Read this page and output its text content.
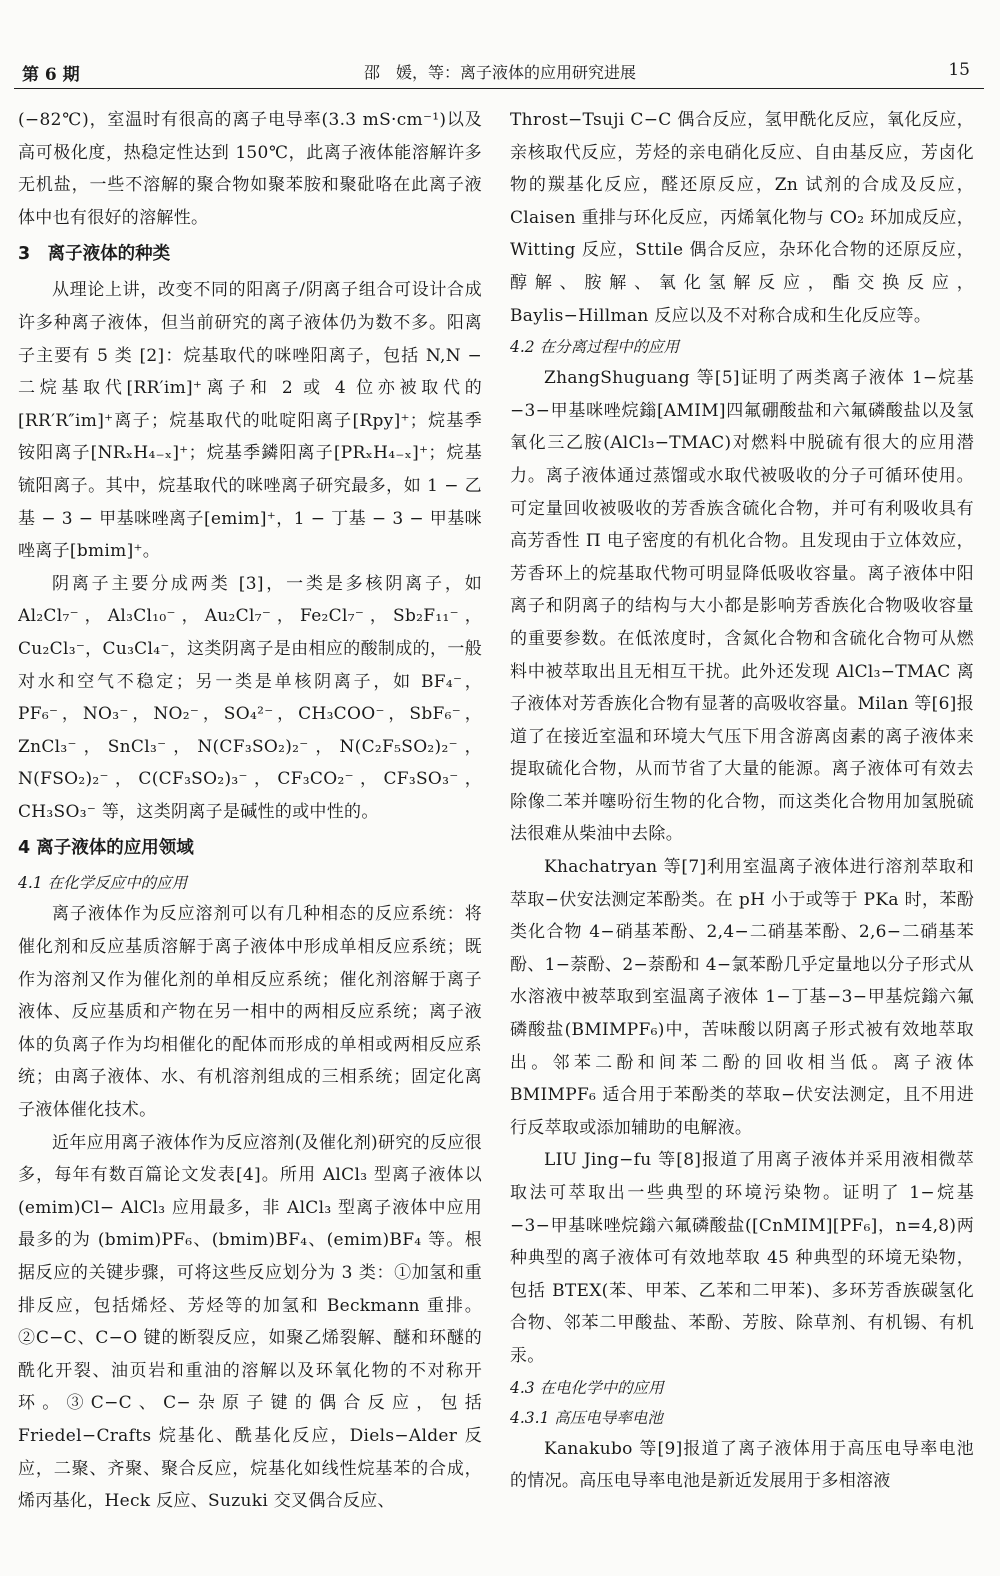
第 6 期	邵　媛，等：离子液体的应用研究进展	15

(−82℃)，室温时有很高的离子电导率(3.3 mS·cm⁻¹)以及高可极化度，热稳定性达到 150℃，此离子液体能溶解许多无机盐，一些不溶解的聚合物如聚苯胺和聚砒咯在此离子液体中也有很好的溶解性。

3　离子液体的种类

从理论上讲，改变不同的阳离子/阴离子组合可设计合成许多种离子液体，但当前研究的离子液体仍为数不多。阳离子主要有 5 类 [2]：烷基取代的咪唑阳离子，包括 N,N − 二烷基取代[RR′im]⁺离子和 2 或 4 位亦被取代的[RR′R″im]⁺离子；烷基取代的吡啶阳离子[Rpy]⁺；烷基季铵阳离子[NRₓH₄₋ₓ]⁺；烷基季鏻阳离子[PRₓH₄₋ₓ]⁺；烷基锍阳离子。其中，烷基取代的咪唑离子研究最多，如 1 − 乙基 − 3 − 甲基咪唑离子[emim]⁺，1 − 丁基 − 3 − 甲基咪唑离子[bmim]⁺。

阴离子主要分成两类 [3]，一类是多核阴离子，如 Al₂Cl₇⁻，Al₃Cl₁₀⁻，Au₂Cl₇⁻，Fe₂Cl₇⁻，Sb₂F₁₁⁻，Cu₂Cl₃⁻，Cu₃Cl₄⁻，这类阴离子是由相应的酸制成的，一般对水和空气不稳定；另一类是单核阴离子，如 BF₄⁻，PF₆⁻，NO₃⁻，NO₂⁻，SO₄²⁻，CH₃COO⁻，SbF₆⁻，ZnCl₃⁻，SnCl₃⁻，N(CF₃SO₂)₂⁻，N(C₂F₅SO₂)₂⁻，N(FSO₂)₂⁻，C(CF₃SO₂)₃⁻，CF₃CO₂⁻，CF₃SO₃⁻，CH₃SO₃⁻ 等，这类阴离子是碱性的或中性的。

4 离子液体的应用领域
4.1 在化学反应中的应用

离子液体作为反应溶剂可以有几种相态的反应系统：将催化剂和反应基质溶解于离子液体中形成单相反应系统；既作为溶剂又作为催化剂的单相反应系统；催化剂溶解于离子液体、反应基质和产物在另一相中的两相反应系统；离子液体的负离子作为均相催化的配体而形成的单相或两相反应系统；由离子液体、水、有机溶剂组成的三相系统；固定化离子液体催化技术。

近年应用离子液体作为反应溶剂(及催化剂)研究的反应很多，每年有数百篇论文发表[4]。所用 AlCl₃ 型离子液体以(emim)Cl− AlCl₃ 应用最多，非 AlCl₃ 型离子液体中应用最多的为 (bmim)PF₆、(bmim)BF₄、(emim)BF₄ 等。根据反应的关键步骤，可将这些反应划分为 3 类：①加氢和重排反应，包括烯烃、芳烃等的加氢和 Beckmann 重排。②C−C、C−O 键的断裂反应，如聚乙烯裂解、醚和环醚的酰化开裂、油页岩和重油的溶解以及环氧化物的不对称开环。③C−C、C−杂原子键的偶合反应，包括 Friedel−Crafts 烷基化、酰基化反应，Diels−Alder 反应，二聚、齐聚、聚合反应，烷基化如线性烷基苯的合成，烯丙基化，Heck 反应、Suzuki 交叉偶合反应、

Throst−Tsuji C−C 偶合反应，氢甲酰化反应，氧化反应，亲核取代反应，芳烃的亲电硝化反应、自由基反应，芳卤化物的羰基化反应，醛还原反应，Zn 试剂的合成及反应，Claisen 重排与环化反应，丙烯氧化物与 CO₂ 环加成反应，Witting 反应，Sttile 偶合反应，杂环化合物的还原反应，醇解、胺解、氧化氢解反应，酯交换反应，Baylis−Hillman 反应以及不对称合成和生化反应等。

4.2 在分离过程中的应用

ZhangShuguang 等[5]证明了两类离子液体 1−烷基−3−甲基咪唑烷鎓[AMIM]四氟硼酸盐和六氟磷酸盐以及氢氧化三乙胺(AlCl₃−TMAC)对燃料中脱硫有很大的应用潜力。离子液体通过蒸馏或水取代被吸收的分子可循环使用。可定量回收被吸收的芳香族含硫化合物，并可有利吸收具有高芳香性 Π 电子密度的有机化合物。且发现由于立体效应，芳香环上的烷基取代物可明显降低吸收容量。离子液体中阳离子和阴离子的结构与大小都是影响芳香族化合物吸收容量的重要参数。在低浓度时，含氮化合物和含硫化合物可从燃料中被萃取出且无相互干扰。此外还发现 AlCl₃−TMAC 离子液体对芳香族化合物有显著的高吸收容量。Milan 等[6]报道了在接近室温和环境大气压下用含游离卤素的离子液体来提取硫化合物，从而节省了大量的能源。离子液体可有效去除像二苯并噻吩衍生物的化合物，而这类化合物用加氢脱硫法很难从柴油中去除。

Khachatryan 等[7]利用室温离子液体进行溶剂萃取和萃取−伏安法测定苯酚类。在 pH 小于或等于 PKa 时，苯酚类化合物 4−硝基苯酚、2,4−二硝基苯酚、2,6−二硝基苯酚、1−萘酚、2−萘酚和 4−氯苯酚几乎定量地以分子形式从水溶液中被萃取到室温离子液体 1−丁基−3−甲基烷鎓六氟磷酸盐(BMIMPF₆)中，苦味酸以阴离子形式被有效地萃取出。邻苯二酚和间苯二酚的回收相当低。离子液体 BMIMPF₆ 适合用于苯酚类的萃取−伏安法测定，且不用进行反萃取或添加辅助的电解液。

LIU Jing−fu 等[8]报道了用离子液体并采用液相微萃取法可萃取出一些典型的环境污染物。证明了 1−烷基−3−甲基咪唑烷鎓六氟磷酸盐([CnMIM][PF₆]，n=4,8)两种典型的离子液体可有效地萃取 45 种典型的环境无染物，包括 BTEX(苯、甲苯、乙苯和二甲苯)、多环芳香族碳氢化合物、邻苯二甲酸盐、苯酚、芳胺、除草剂、有机锡、有机汞。

4.3 在电化学中的应用
4.3.1 高压电导率电池

Kanakubo 等[9]报道了离子液体用于高压电导率电池的情况。高压电导率电池是新近发展用于多相溶液
